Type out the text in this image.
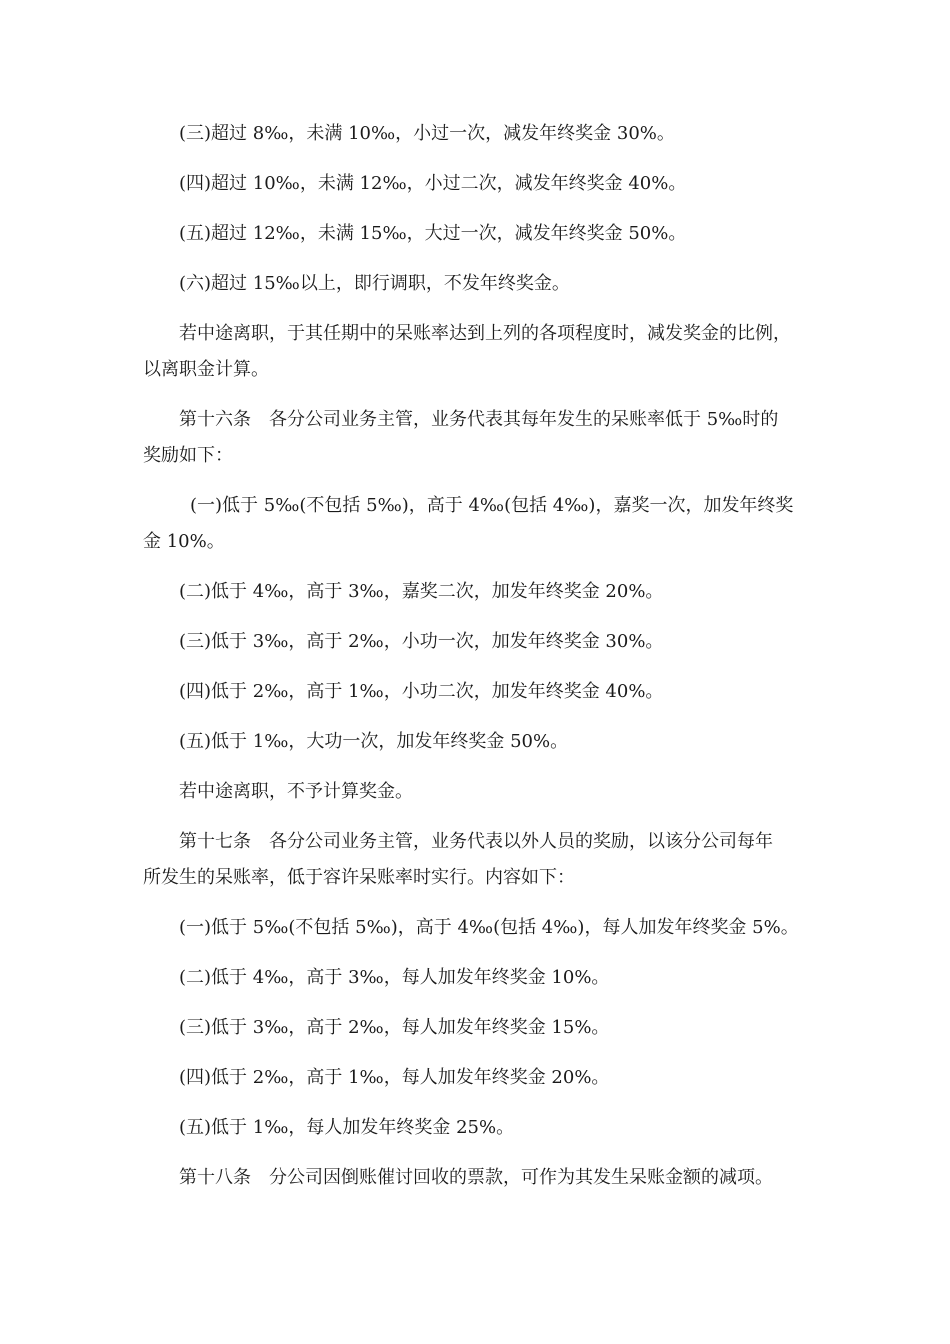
(三)超过 8‰，未满 10‰，小过一次，减发年终奖金 30%。

(四)超过 10‰，未满 12‰，小过二次，减发年终奖金 40%。

(五)超过 12‰，未满 15‰，大过一次，减发年终奖金 50%。

(六)超过 15‰以上，即行调职，不发年终奖金。

若中途离职，于其任期中的呆账率达到上列的各项程度时，减发奖金的比例，

以离职金计算。

第十六条　各分公司业务主管，业务代表其每年发生的呆账率低于 5‰时的

奖励如下：

(一)低于 5‰(不包括 5‰)，高于 4‰(包括 4‰)，嘉奖一次，加发年终奖

金 10%。

(二)低于 4‰，高于 3‰，嘉奖二次，加发年终奖金 20%。

(三)低于 3‰，高于 2‰，小功一次，加发年终奖金 30%。

(四)低于 2‰，高于 1‰，小功二次，加发年终奖金 40%。

(五)低于 1‰，大功一次，加发年终奖金 50%。

若中途离职，不予计算奖金。

第十七条　各分公司业务主管，业务代表以外人员的奖励，以该分公司每年

所发生的呆账率，低于容许呆账率时实行。内容如下：

(一)低于 5‰(不包括 5‰)，高于 4‰(包括 4‰)，每人加发年终奖金 5%。

(二)低于 4‰，高于 3‰，每人加发年终奖金 10%。

(三)低于 3‰，高于 2‰，每人加发年终奖金 15%。

(四)低于 2‰，高于 1‰，每人加发年终奖金 20%。

(五)低于 1‰，每人加发年终奖金 25%。

第十八条　分公司因倒账催讨回收的票款，可作为其发生呆账金额的减项。
